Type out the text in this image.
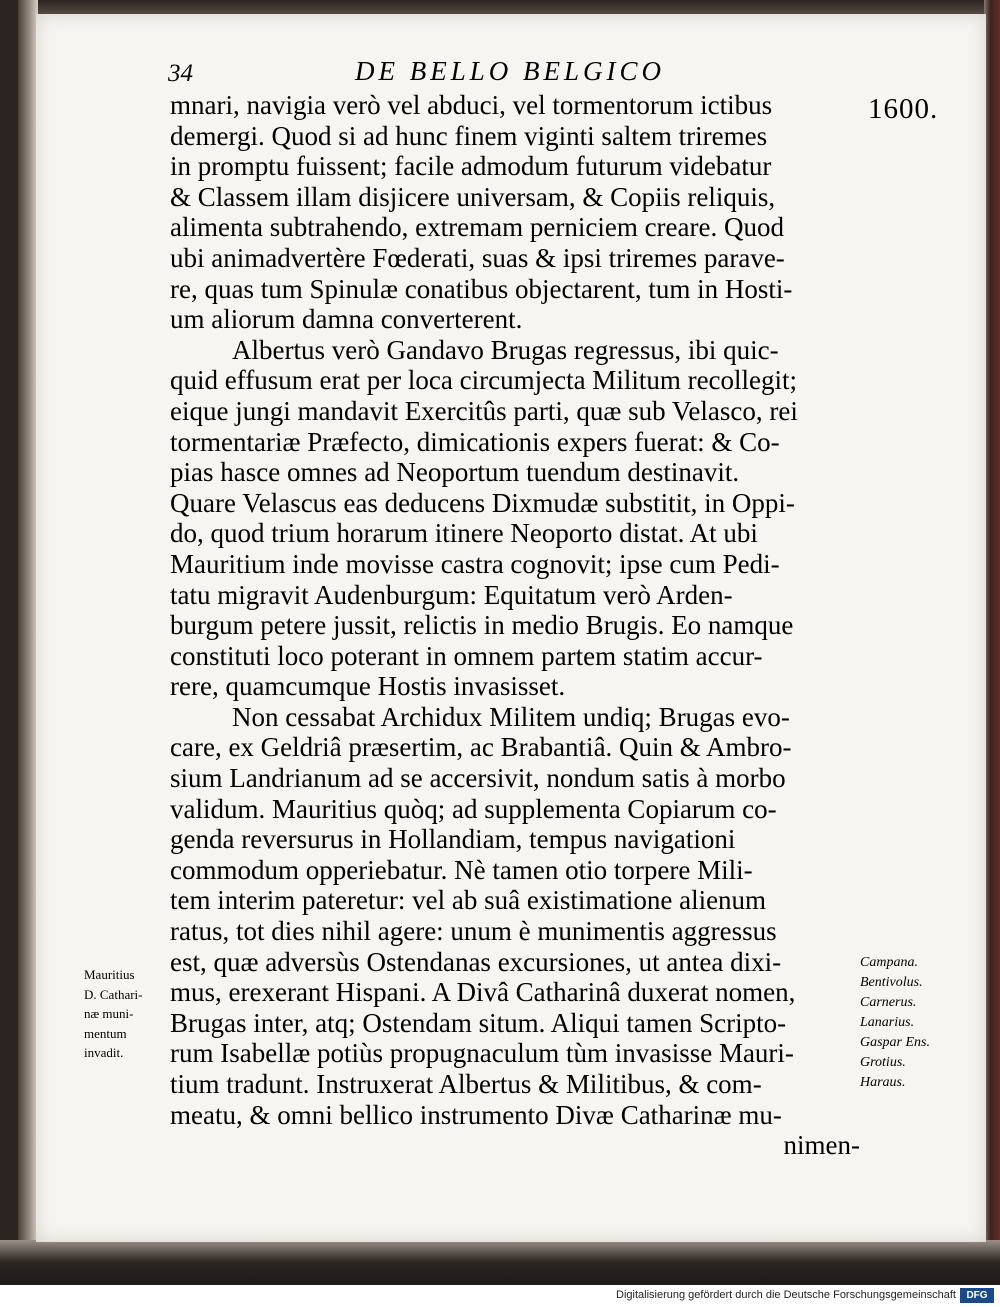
34	DE BELLO BELGICO
1600.
mnari, navigia verò vel abduci, vel tormentorum ictibus
demergi. Quod si ad hunc finem viginti saltem triremes
in promptu fuissent; facile admodum futurum videbatur
& Classem illam disjicere universam, & Copiis reliquis,
alimenta subtrahendo, extremam perniciem creare. Quod
ubi animadvertère Fœderati, suas & ipsi triremes parave-
re, quas tum Spinulæ conatibus objectarent, tum in Hosti-
um aliorum damna converterent.
Albertus verò Gandavo Brugas regressus, ibi quic-
quid effusum erat per loca circumjecta Militum recollegit;
eique jungi mandavit Exercitûs parti, quæ sub Velasco, rei
tormentariæ Præfecto, dimicationis expers fuerat: & Co-
pias hasce omnes ad Neoportum tuendum destinavit.
Quare Velascus eas deducens Dixmudæ substitit, in Oppi-
do, quod trium horarum itinere Neoporto distat. At ubi
Mauritium inde movisse castra cognovit; ipse cum Pedi-
tatu migravit Audenburgum: Equitatum verò Arden-
burgum petere jussit, relictis in medio Brugis. Eo namque
constituti loco poterant in omnem partem statim accur-
rere, quamcumque Hostis invasisset.
Non cessabat Archidux Militem undiq; Brugas evo-
care, ex Geldriâ præsertim, ac Brabantiâ. Quin & Ambro-
sium Landrianum ad se accersivit, nondum satis à morbo
validum. Mauritius quòq; ad supplementa Copiarum co-
genda reversurus in Hollandiam, tempus navigationi
commodum opperiebatur. Nè tamen otio torpere Mili-
tem interim pateretur: vel ab suâ existimatione alienum
ratus, tot dies nihil agere: unum è munimentis aggressus
est, quæ adversùs Ostendanas excursiones, ut antea dixi-
mus, erexerant Hispani. A Divâ Catharinâ duxerat nomen,
Brugas inter, atq; Ostendam situm. Aliqui tamen Scripto-
rum Isabellæ potiùs propugnaculum tùm invasisse Mauri-
tium tradunt. Instruxerat Albertus & Militibus, & com-
meatu, & omni bellico instrumento Divæ Catharinæ mu-
nimen-
Mauritius
D. Cathari-
næ muni-
mentum
invadit.
Campana.
Bentivolus.
Carnerus.
Lanarius.
Gaspar Ens.
Grotius.
Haraus.
Digitalisierung gefördert durch die Deutsche Forschungsgemeinschaft	DFG
